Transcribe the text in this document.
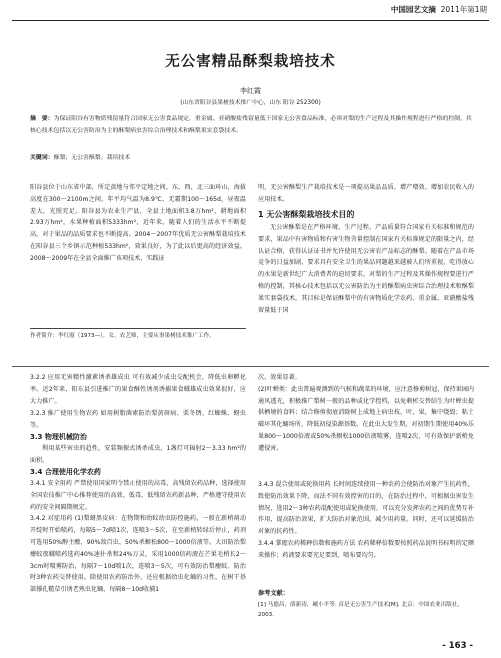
中国园艺文摘 2011年第1期
无公害精品酥梨栽培技术
李红霞
(山东省阳谷县果树技术推广中心，山东 阳谷 252300)
摘　要：为保证阳谷有害物质残留量符合国家无公害食品规定，重金属、亚硝酸盐残留量低于国家无公害食品标准，必须对梨的生产过程及其操作规程进行严格的控制，其核心技术包括以无公害防治为主的酥梨病虫害综合治理技术和酥梨果实套袋技术。
关键词：酥梨；无公害酥梨；栽培技术
阳谷县位于山东省中部，所定黄地与邻平定地之间，东、西、北三面环山，海拔高度在300～2100m之间，年平均气温为8.9℃，无霜期100～165d，昼夜温差大，光照充足。阳谷县为农业生产县，全县土地面积3.8万hm²，耕地面积2.93万hm²，水果种植面积5333hm²，近年来，随着人们的生活水平不断提高，对于果品的品质要求也不断提高。2004～2007年优质无公害酥梨栽培技术在阳谷县三个乡镇示范种植533hm²，效果良好，为了此以后更高的经济效益。2008～2009年在全县全面推广该项技术，实践证
作者简介：李红霞（1973—），女，农艺师，主要从事果树技术推广工作。
明，无公害酥梨生产栽培技术是一项提高果品品质、增产增效、增加农民收入的应用技术。
1 无公害酥梨栽培技术目的
无公害酥梨是在严格环境、生产过程、产品质量符合国家有关标准和规范的要求，果品中有害物质和有害生物含量控制在国家有关标准规定的限量之内，经认证合格，获得认证证书并允许使用无公害农产品标志的酥梨。随着在产品市场竞争的日益加剧，要求具有安全卫生的果品同题越来越被人们所重视，吃得放心的水果是新世纪广大消费者的迫切要求，对梨的生产过程及其操作规程要进行严格的控制，其核心技术包括以无公害防治为主的酥梨病虫害综合治理技术和酥梨果实套袋技术，其目标是保证酥梨中的有害物质化学农药、重金属、亚硝酸盐残留量低于国
3.2.2 应用无害精性激素诱杀雄成虫 可有效减少成虫交配机会，降低虫卵孵化率。近2年来，阳东县引进推广的果食酥性诱剂诱捕果食蛾雄成虫效果很好，应大力推广。
3.2.3 推广使用生物农药 如用树脂菌素防治梨黄斑病、栗冬锈、红蜘蛛、蚜虫等。
3.3 物理机械防治
利用某些害虫的趋性，安装频振式诱杀成虫，1盏灯可辐射2～3.33 hm²的面积。
3.4 合理使用化学农药
3.4.1 安全用药 严禁使用国家明令禁止使用的高毒、高残留农药品种，选择使用全国农技推广中心推荐使用的高效、低毒、低残留农药新品种，严格遵守使用农药的安全间隔期规定。
3.4.2 对症用药 (1)梨蚜黑皮病：在物期和幼蚊幼虫防控施药，一般在新梢萌动开绽时开始喷药，每隔5～7d喷1次，连喷3～5次，在至新梢转绿后停止，药剂可选用50%醇主酸，90%敌百虫、50%杀螟松800～1000倍液等。大田防治梨瘿蚊夜蛾喷药选药40%速扑杀和24%万灵，采用1000倍药液在芒果毛梢长2～3cm时喷雾防治，每隔7～10d喷1次，连喷3～5次，可有效防治梨瘿蚊。防治时3种农药交替使用。除使用农药防治外，还应根据幼虫化蛹的习性，在树干基部撑孔糙草引诱老熟虫化蛹，每隔8～10d收捕1
次，效果显著。
(2)叶蝉类：此虫普遍观测到的气候和蔬菜的环境，应注意修剪树冠，保持果园内通风透光，积极推广梨树一般的品种或化学控档，以免剩析交替结生为叶蝉虫提供栖境的食料；结合修剪彻底消除树上成地上病虫枝、叶、果，集中烧毁；粘土破坏其化蛹场所，降低初侵染源基数。在此虫大发生期，对初期生期使用40%乐果800～1000倍液或50%杀螟松1000倍液喷雾，连喷2次，可有效保护新梢免遭侵害。
3.4.3 混合使用或轮换用药 长时间连续使用一种农药会使防治对象产生抗药性，致使防治效果下降，而法不同有效控害的目的，在防治过程中，可根据虫害发生情况，选用2～3种农药混配使用或轮换使用，可以充分发挥农药之间的优势互补作用，提高防治效果，扩大防治对象范围，减少用药量。同时，还可以延缓防治对象的抗药性。
3.4.4 掌握农药稀释倍数和施药方法 农药稀释倍数要按照药品说明书标明的定额来操作；药液要求要充足要到，喷布要均匀。
参考文献：
[1] 马德昌，薛新涛，臧小平等. 首是无公害生产技术[M]. 北京：中国农业出版社，2003.
- 163 -
